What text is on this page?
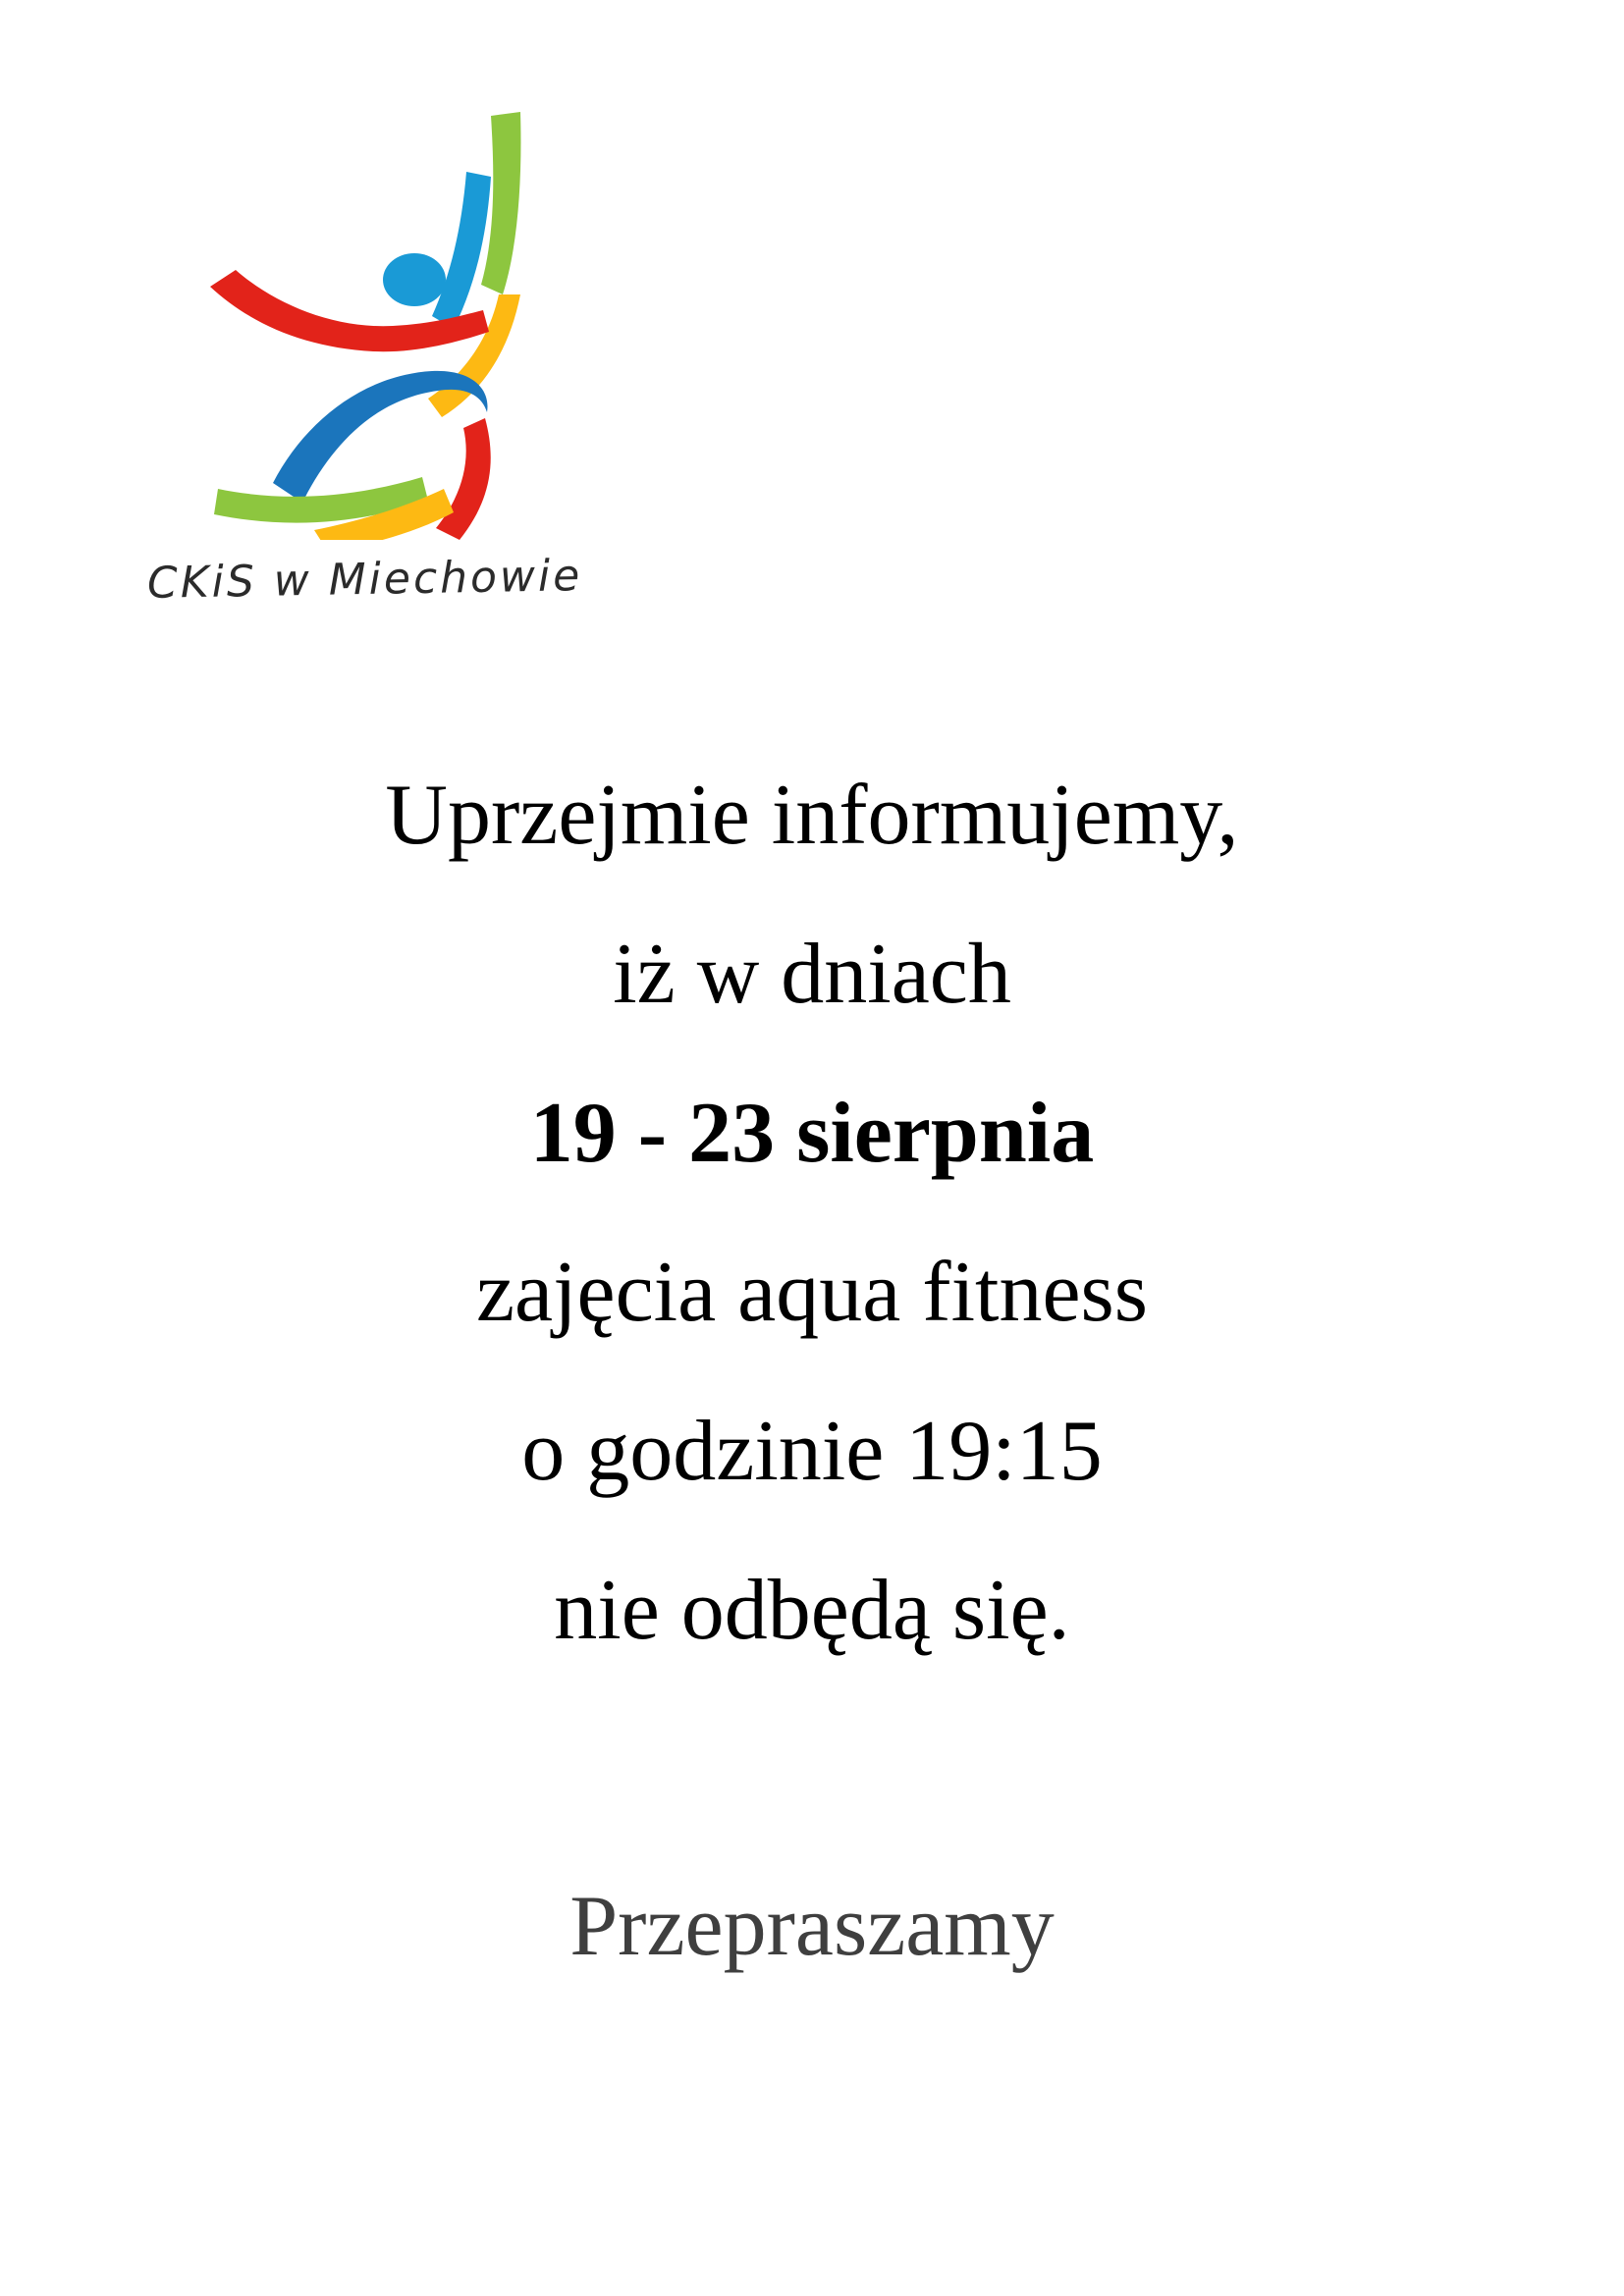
CKiS w Miechowie
Uprzejmie informujemy,
iż w dniach
19 - 23 sierpnia
zajęcia aqua fitness
o godzinie 19:15
nie odbędą się.
Przepraszamy
